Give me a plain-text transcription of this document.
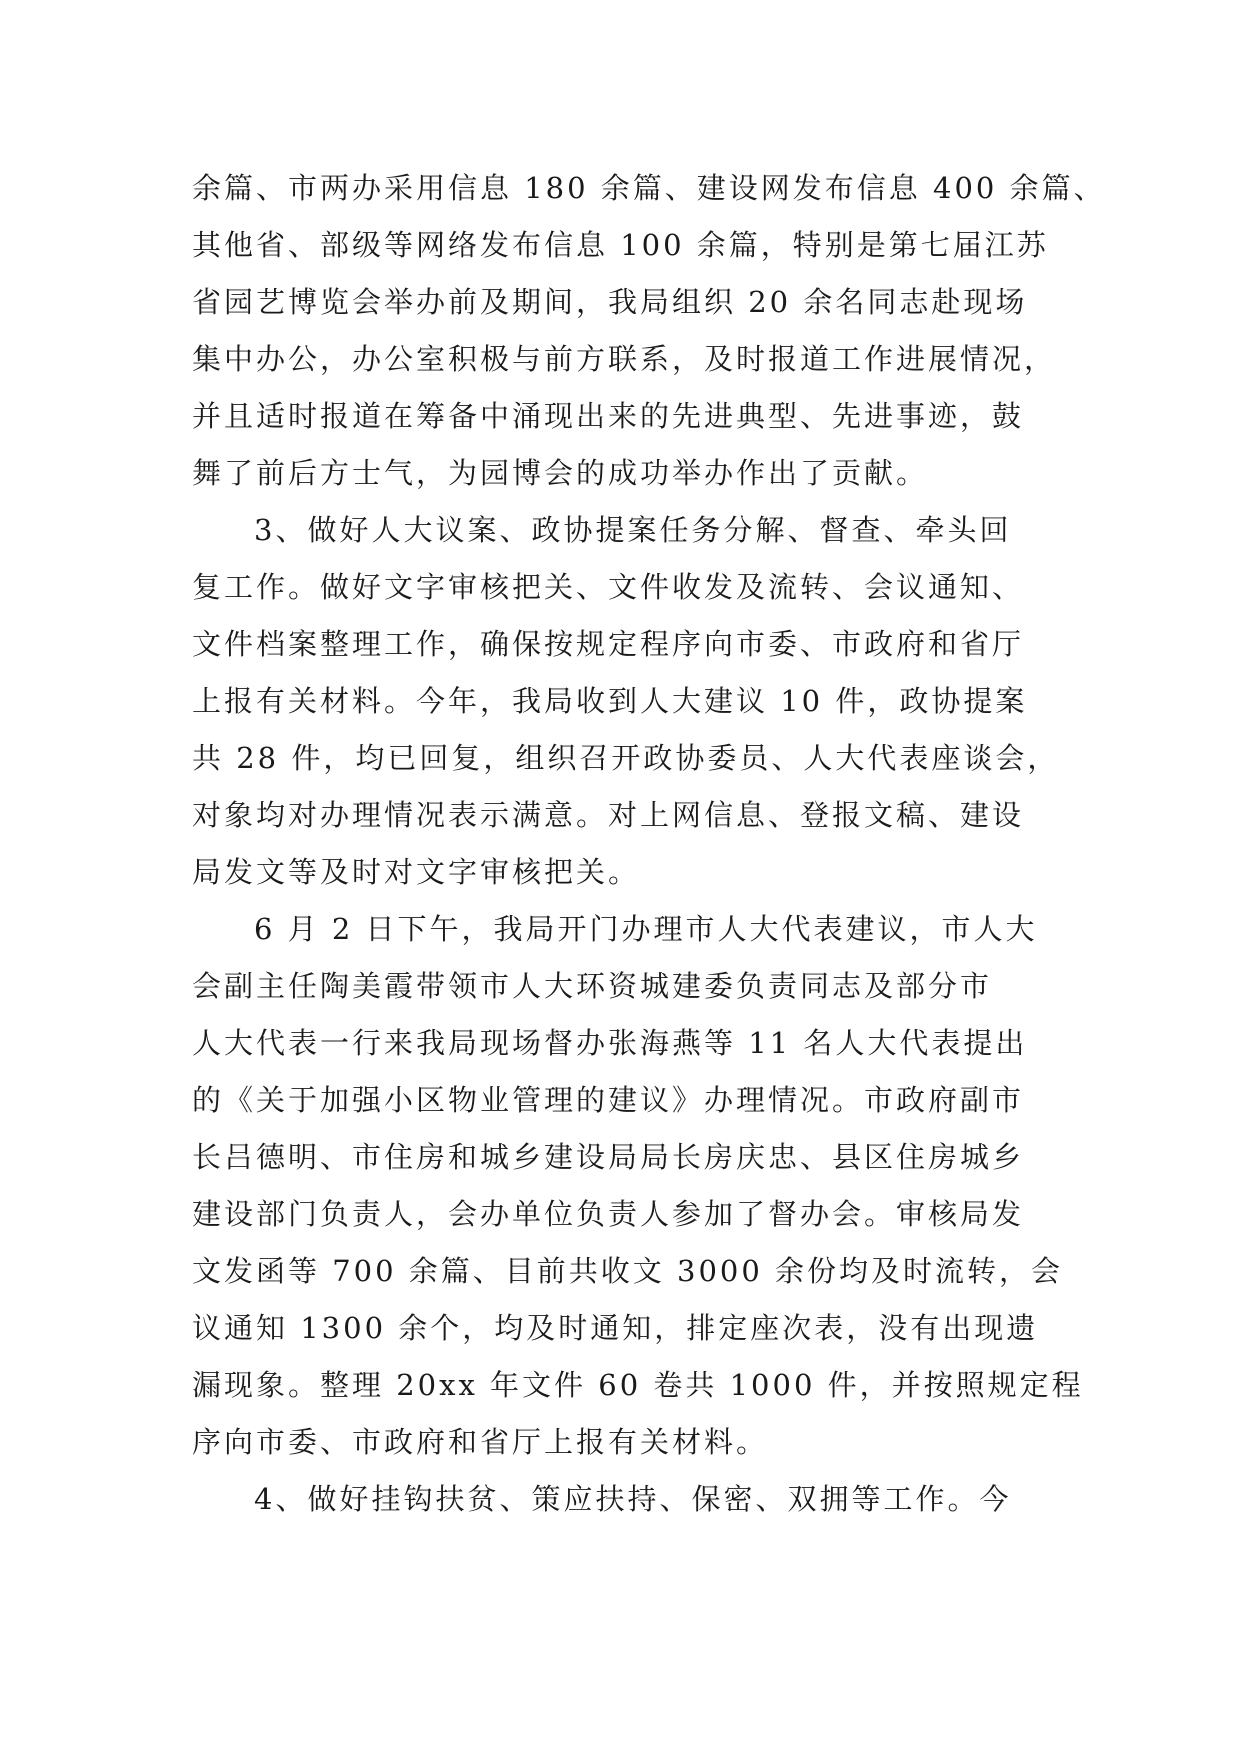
余篇、市两办采用信息 180 余篇、建设网发布信息 400 余篇、
其他省、部级等网络发布信息 100 余篇，特别是第七届江苏
省园艺博览会举办前及期间，我局组织 20 余名同志赴现场
集中办公，办公室积极与前方联系，及时报道工作进展情况，
并且适时报道在筹备中涌现出来的先进典型、先进事迹，鼓
舞了前后方士气，为园博会的成功举办作出了贡献。
3、做好人大议案、政协提案任务分解、督查、牵头回
复工作。做好文字审核把关、文件收发及流转、会议通知、
文件档案整理工作，确保按规定程序向市委、市政府和省厅
上报有关材料。今年，我局收到人大建议 10 件，政协提案
共 28 件，均已回复，组织召开政协委员、人大代表座谈会，
对象均对办理情况表示满意。对上网信息、登报文稿、建设
局发文等及时对文字审核把关。
6 月 2 日下午，我局开门办理市人大代表建议，市人大
会副主任陶美霞带领市人大环资城建委负责同志及部分市
人大代表一行来我局现场督办张海燕等 11 名人大代表提出
的《关于加强小区物业管理的建议》办理情况。市政府副市
长吕德明、市住房和城乡建设局局长房庆忠、县区住房城乡
建设部门负责人，会办单位负责人参加了督办会。审核局发
文发函等 700 余篇、目前共收文 3000 余份均及时流转，会
议通知 1300 余个，均及时通知，排定座次表，没有出现遗
漏现象。整理 20xx 年文件 60 卷共 1000 件，并按照规定程
序向市委、市政府和省厅上报有关材料。
4、做好挂钩扶贫、策应扶持、保密、双拥等工作。今
